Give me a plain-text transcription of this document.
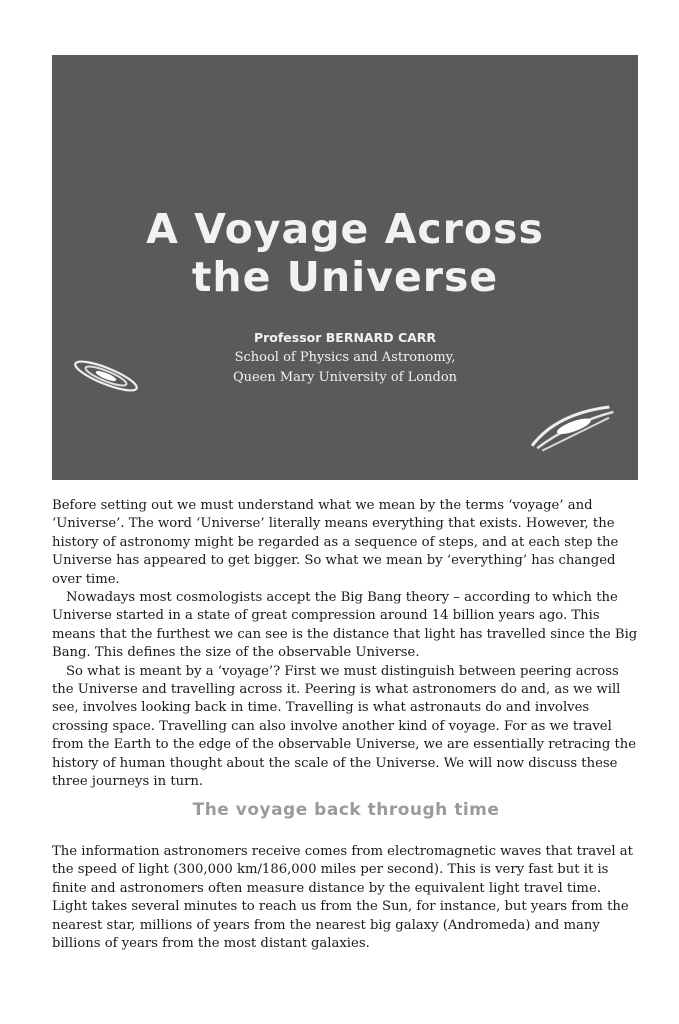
A Voyage Across
the Universe
Professor BERNARD CARR
School of Physics and Astronomy,
Queen Mary University of London

Before setting out we must understand what we mean by the terms ‘voyage’ and ‘Universe’. The word ‘Universe’ literally means everything that exists. However, the history of astronomy might be regarded as a sequence of steps, and at each step the Universe has appeared to get bigger. So what we mean by ‘everything’ has changed over time.

Nowadays most cosmologists accept the Big Bang theory – according to which the Universe started in a state of great compression around 14 billion years ago. This means that the furthest we can see is the distance that light has travelled since the Big Bang. This defines the size of the observable Universe.

So what is meant by a ‘voyage’? First we must distinguish between peering across the Universe and travelling across it. Peering is what astronomers do and, as we will see, involves looking back in time. Travelling is what astronauts do and involves crossing space. Travelling can also involve another kind of voyage. For as we travel from the Earth to the edge of the observable Universe, we are essentially retracing the history of human thought about the scale of the Universe. We will now discuss these three journeys in turn.

The voyage back through time

The information astronomers receive comes from electromagnetic waves that travel at the speed of light (300,000 km/186,000 miles per second). This is very fast but it is finite and astronomers often measure distance by the equivalent light travel time. Light takes several minutes to reach us from the Sun, for instance, but years from the nearest star, millions of years from the nearest big galaxy (Andromeda) and many billions of years from the most distant galaxies.
